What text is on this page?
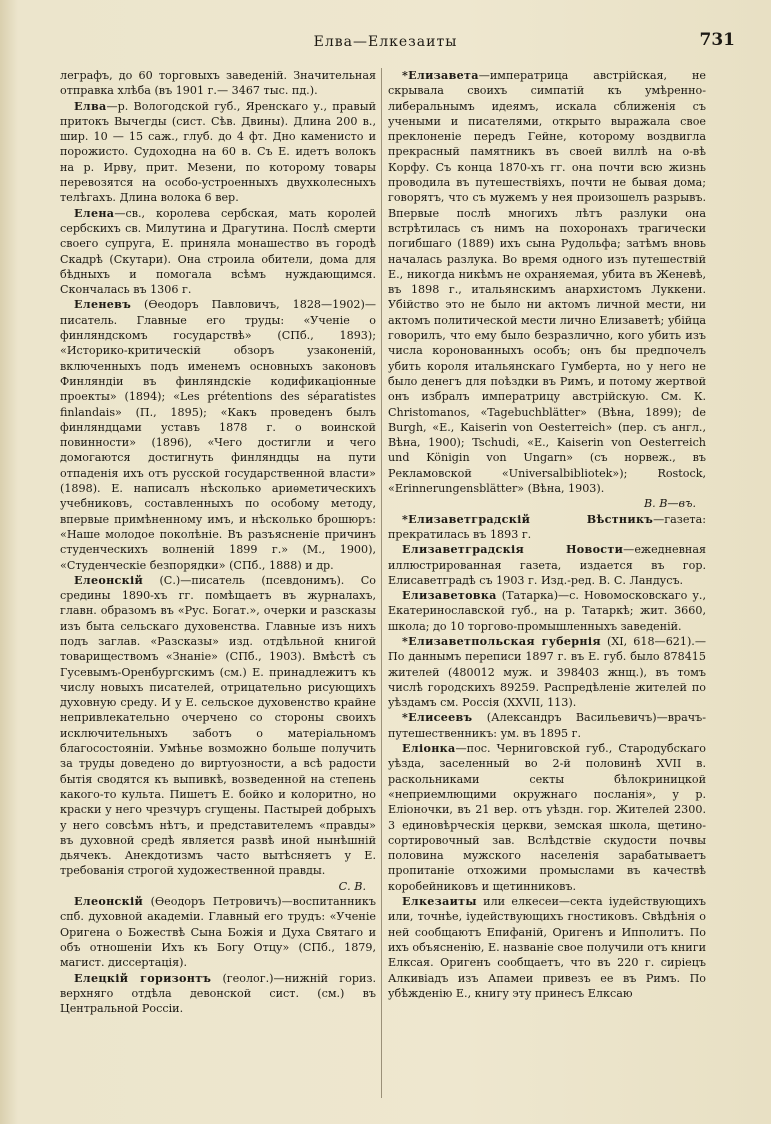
Елва—Елкезаиты	731

леграфъ, до 60 торговыхъ заведеній. Значительная отправка хлѣба (въ 1901 г.— 3467 тыс. пд.).

Елва—р. Вологодской губ., Яренскаго у., правый притокъ Вычегды (сист. Сѣв. Двины). Длина 200 в., шир. 10 — 15 саж., глуб. до 4 фт. Дно каменисто и порожисто. Судоходна на 60 в. Съ Е. идетъ волокъ на р. Ирву, прит. Мезени, по которому товары перевозятся на особо-устроенныхъ двухколесныхъ телѣгахъ. Длина волока 6 вер.

Елена—св., королева сербская, мать королей сербскихъ св. Милутина и Драгутина. Послѣ смерти своего супруга, Е. приняла монашество въ городѣ Скадрѣ (Скутари). Она строила обители, дома для бѣдныхъ и помогала всѣмъ нуждающимся. Скончалась въ 1306 г.

Еленевъ (Ѳеодоръ Павловичъ, 1828—1902)—писатель. Главные его труды: «Ученіе о финляндскомъ государствѣ» (СПб., 1893); «Историко-критическій обзоръ узаконеній, включенныхъ подъ именемъ основныхъ законовъ Финляндіи въ финляндскіе кодификаціонные проекты» (1894); «Les prétentions des séparatistes finlandais» (П., 1895); «Какъ проведенъ былъ финляндцами уставъ 1878 г. о воинской повинности» (1896), «Чего достигли и чего домогаются достигнуть финляндцы на пути отпаденія ихъ отъ русской государственной власти» (1898). Е. написалъ нѣсколько ариѳметическихъ учебниковъ, составленныхъ по особому методу, впервые примѣненному имъ, и нѣсколько брошюръ: «Наше молодое поколѣніе. Въ разъясненіе причинъ студенческихъ волненій 1899 г.» (М., 1900), «Студенческіе безпорядки» (СПб., 1888) и др.

Елеонскій (С.)—писатель (псевдонимъ). Со средины 1890-хъ гг. помѣщаетъ въ журналахъ, главн. образомъ въ «Рус. Богат.», очерки и разсказы изъ быта сельскаго духовенства. Главные изъ нихъ подъ заглав. «Разсказы» изд. отдѣльной книгой товариществомъ «Знаніе» (СПб., 1903). Вмѣстѣ съ Гусевымъ-Оренбургскимъ (см.) Е. принадлежитъ къ числу новыхъ писателей, отрицательно рисующихъ духовную среду. И у Е. сельское духовенство крайне непривлекательно очерчено со стороны своихъ исключительныхъ заботъ о матеріальномъ благосостояніи. Умѣнье возможно больше получить за труды доведено до виртуозности, а всѣ радости бытія сводятся къ выпивкѣ, возведенной на степень какого-то культа. Пишетъ Е. бойко и колоритно, но краски у него чрезчуръ сгущены. Пастырей добрыхъ у него совсѣмъ нѣтъ, и представителемъ «правды» въ духовной средѣ является развѣ иной нынѣшній дьячекъ. Анекдотизмъ часто вытѣсняетъ у Е. требованія строгой художественной правды.
С. В.

Елеонскій (Ѳеодоръ Петровичъ)—воспитанникъ спб. духовной академіи. Главный его трудъ: «Ученіе Оригена о Божествѣ Сына Божія и Духа Святаго и объ отношеніи Ихъ къ Богу Отцу» (СПб., 1879, магист. диссертація).

Елецкій горизонтъ (геолог.)—нижній гориз. верхняго отдѣла девонской сист. (см.) въ Центральной Россіи.

*Елизавета—императрица австрійская, не скрывала своихъ симпатій къ умѣренно-либеральнымъ идеямъ, искала сближенія съ учеными и писателями, открыто выражала свое преклоненіе передъ Гейне, которому воздвигла прекрасный памятникъ въ своей виллѣ на о-вѣ Корфу. Съ конца 1870-хъ гг. она почти всю жизнь проводила въ путешествіяхъ, почти не бывая дома; говорятъ, что съ мужемъ у нея произошелъ разрывъ. Впервые послѣ многихъ лѣтъ разлуки она встрѣтилась съ нимъ на похоронахъ трагически погибшаго (1889) ихъ сына Рудольфа; затѣмъ вновь началась разлука. Во время одного изъ путешествій Е., никогда никѣмъ не охраняемая, убита въ Женевѣ, въ 1898 г., итальянскимъ анархистомъ Луккени. Убійство это не было ни актомъ личной мести, ни актомъ политической мести лично Елизаветѣ; убійца говорилъ, что ему было безразлично, кого убить изъ числа коронованныхъ особъ; онъ бы предпочелъ убить короля итальянскаго Гумберта, но у него не было денегъ для поѣздки въ Римъ, и потому жертвой онъ избралъ императрицу австрійскую. См. К. Christomanos, «Tagebuchblätter» (Вѣна, 1899); de Burgh, «E., Kaiserin von Oesterreich» (пер. съ англ., Вѣна, 1900); Tschudi, «E., Kaiserin von Oesterreich und Königin von Ungarn» (съ норвеж., въ Рекламовской «Universalbibliotek»); Rostock, «Erinnerungensblätter» (Вѣна, 1903).
В. В—въ.

*Елизаветградскій Вѣстникъ—газета: прекратилась въ 1893 г.

Елизаветградскія Новости—ежедневная иллюстрированная газета, издается въ гор. Елисаветградѣ съ 1903 г. Изд.-ред. В. С. Ландусъ.

Елизаветовка (Татарка)—с. Новомосковскаго у., Екатеринославской губ., на р. Татаркѣ; жит. 3660, школа; до 10 торгово-промышленныхъ заведеній.

*Елизаветпольская губернія (XI, 618—621).—По даннымъ переписи 1897 г. въ Е. губ. было 878415 жителей (480012 муж. и 398403 жнщ.), въ томъ числѣ городскихъ 89259. Распредѣленіе жителей по уѣздамъ см. Россія (XXVII, 113).

*Елисеевъ (Александръ Васильевичъ)—врачъ-путешественникъ: ум. въ 1895 г.

Еліонка—пос. Черниговской губ., Стародубскаго уѣзда, заселенный во 2-й половинѣ XVII в. раскольниками секты бѣлокриницкой «неприемлющими окружнаго посланія», у р. Еліоночки, въ 21 вер. отъ уѣздн. гор. Жителей 2300. 3 единовѣрческія церкви, земская школа, щетино-сортировочный зав. Вслѣдствіе скудости почвы половина мужского населенія зарабатываетъ пропитаніе отхожими промыслами въ качествѣ коробейниковъ и щетинниковъ.

Елкезаиты или елкесеи—секта іудействующихъ или, точнѣе, іудействующихъ гностиковъ. Свѣдѣнія о ней сообщаютъ Епифаній, Оригенъ и Ипполитъ. По ихъ объясненію, Е. названіе свое получили отъ книги Елксая. Оригенъ сообщаетъ, что въ 220 г. сиріецъ Алкивіадъ изъ Апамеи привезъ ее въ Римъ. По убѣжденію Е., книгу эту принесъ Елксаю
